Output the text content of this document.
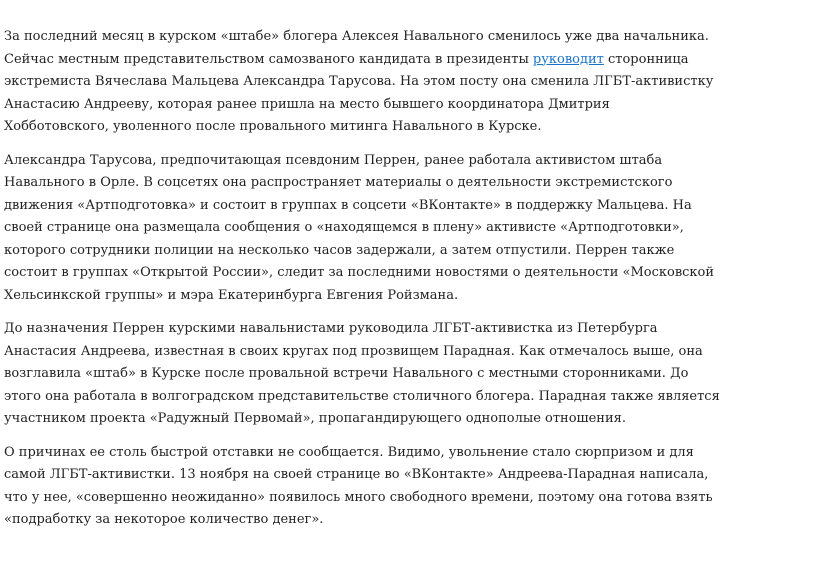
За последний месяц в курском «штабе» блогера Алексея Навального сменилось уже два начальника.
Сейчас местным представительством самозваного кандидата в президенты руководит сторонница
экстремиста Вячеслава Мальцева Александра Тарусова. На этом посту она сменила ЛГБТ-активистку
Анастасию Андрееву, которая ранее пришла на место бывшего координатора Дмитрия
Хобботовского, уволенного после провального митинга Навального в Курске.

Александра Тарусова, предпочитающая псевдоним Перрен, ранее работала активистом штаба
Навального в Орле. В соцсетях она распространяет материалы о деятельности экстремистского
движения «Артподготовка» и состоит в группах в соцсети «ВКонтакте» в поддержку Мальцева. На
своей странице она размещала сообщения о «находящемся в плену» активисте «Артподготовки»,
которого сотрудники полиции на несколько часов задержали, а затем отпустили. Перрен также
состоит в группах «Открытой России», следит за последними новостями о деятельности «Московской
Хельсинкской группы» и мэра Екатеринбурга Евгения Ройзмана.

До назначения Перрен курскими навальнистами руководила ЛГБТ-активистка из Петербурга
Анастасия Андреева, известная в своих кругах под прозвищем Парадная. Как отмечалось выше, она
возглавила «штаб» в Курске после провальной встречи Навального с местными сторонниками. До
этого она работала в волгоградском представительстве столичного блогера. Парадная также является
участником проекта «Радужный Первомай», пропагандирующего однополые отношения.

О причинах ее столь быстрой отставки не сообщается. Видимо, увольнение стало сюрпризом и для
самой ЛГБТ-активистки. 13 ноября на своей странице во «ВКонтакте» Андреева-Парадная написала,
что у нее, «совершенно неожиданно» появилось много свободного времени, поэтому она готова взять
«подработку за некоторое количество денег».
